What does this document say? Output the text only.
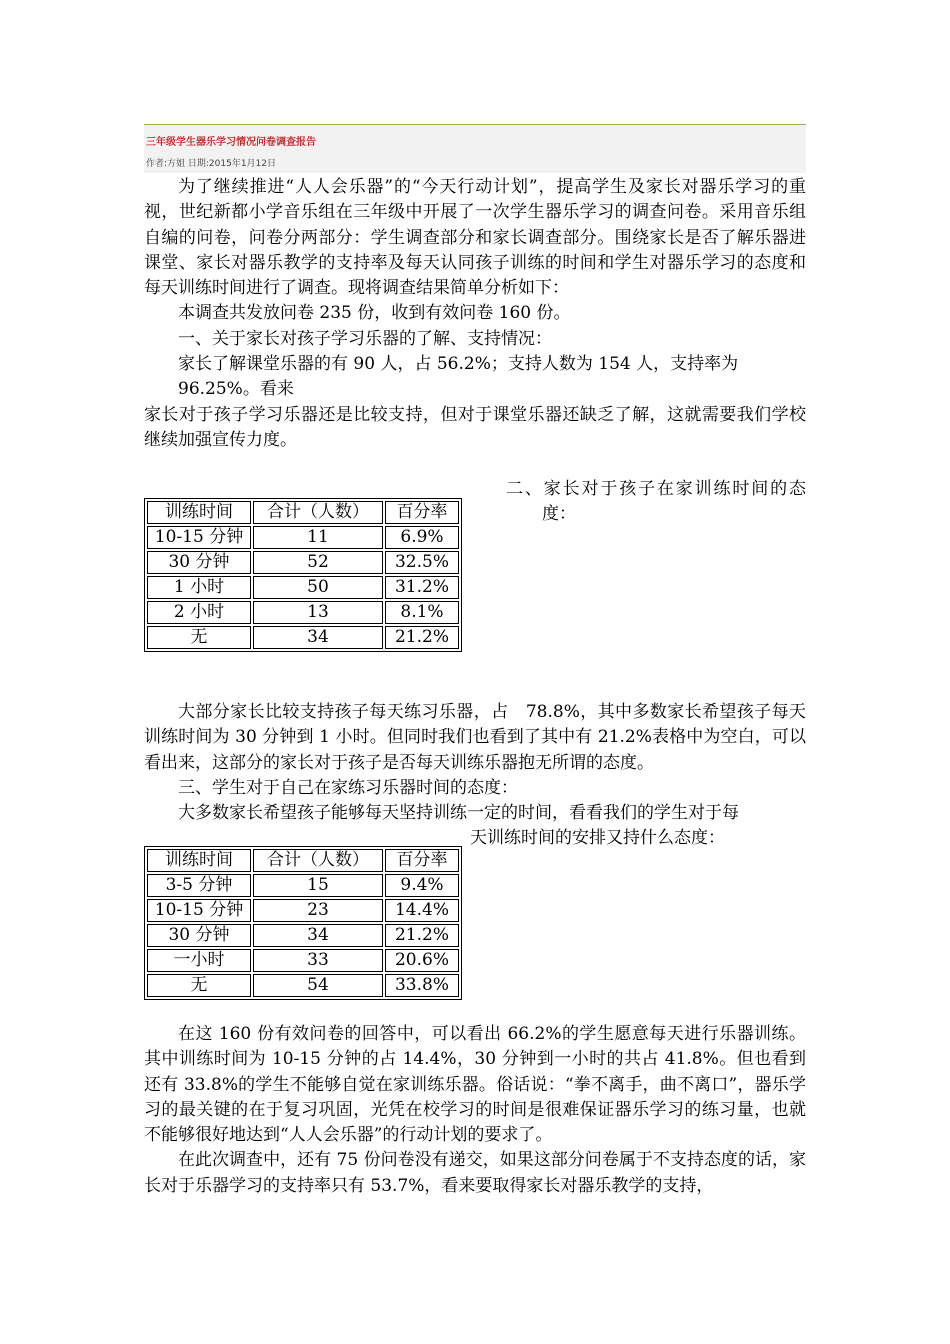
三年级学生器乐学习情况问卷调查报告
作者:方姐 日期:2015年1月12日

为了继续推进“人人会乐器”的“今天行动计划”，提高学生及家长对器乐学习的重视，世纪新都小学音乐组在三年级中开展了一次学生器乐学习的调查问卷。采用音乐组自编的问卷，问卷分两部分：学生调查部分和家长调查部分。围绕家长是否了解乐器进课堂、家长对器乐教学的支持率及每天认同孩子训练的时间和学生对器乐学习的态度和每天训练时间进行了调查。现将调查结果简单分析如下：

本调查共发放问卷 235 份，收到有效问卷 160 份。

一、关于家长对孩子学习乐器的了解、支持情况：

家长了解课堂乐器的有 90 人，占 56.2%；支持人数为 154 人，支持率为

96.25%。看来

家长对于孩子学习乐器还是比较支持，但对于课堂乐器还缺乏了解，这就需要我们学校继续加强宣传力度。

二、家长对于孩子在家训练时间的态度：

训练时间	合计（人数）	百分率
10-15 分钟	11	6.9%
30 分钟	52	32.5%
1 小时	50	31.2%
2 小时	13	8.1%
无	34	21.2%

大部分家长比较支持孩子每天练习乐器，占　78.8%，其中多数家长希望孩子每天训练时间为 30 分钟到 1 小时。但同时我们也看到了其中有 21.2%表格中为空白，可以看出来，这部分的家长对于孩子是否每天训练乐器抱无所谓的态度。

三、学生对于自己在家练习乐器时间的态度：

大多数家长希望孩子能够每天坚持训练一定的时间，看看我们的学生对于每

天训练时间的安排又持什么态度：

训练时间	合计（人数）	百分率
3-5 分钟	15	9.4%
10-15 分钟	23	14.4%
30 分钟	34	21.2%
一小时	33	20.6%
无	54	33.8%

在这 160 份有效问卷的回答中，可以看出 66.2%的学生愿意每天进行乐器训练。其中训练时间为 10-15 分钟的占 14.4%，30 分钟到一小时的共占 41.8%。但也看到还有 33.8%的学生不能够自觉在家训练乐器。俗话说：“拳不离手，曲不离口”，器乐学习的最关键的在于复习巩固，光凭在校学习的时间是很难保证器乐学习的练习量，也就不能够很好地达到“人人会乐器”的行动计划的要求了。

在此次调查中，还有 75 份问卷没有递交，如果这部分问卷属于不支持态度的话，家长对于乐器学习的支持率只有 53.7%，看来要取得家长对器乐教学的支持，
